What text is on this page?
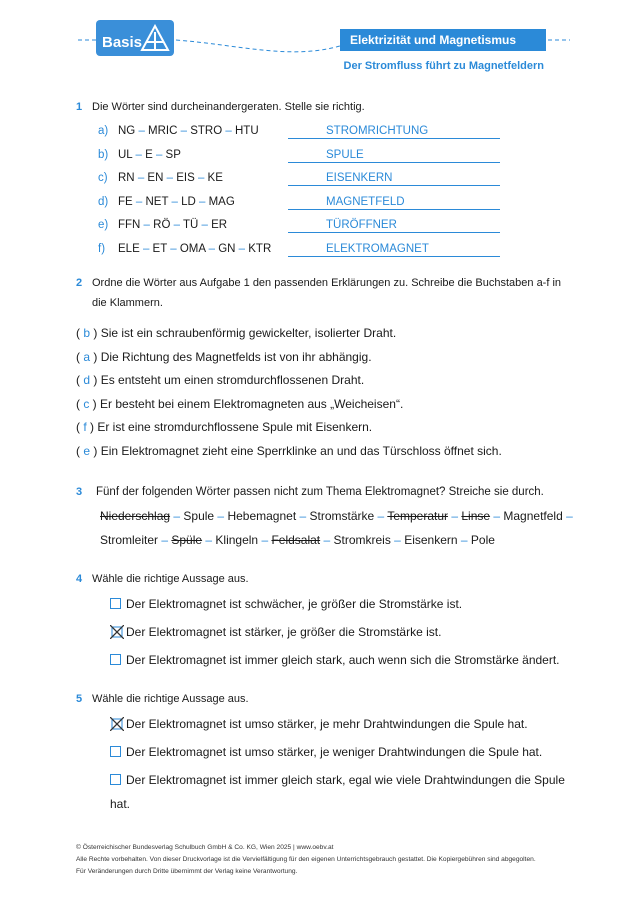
Basis	Elektrizität und Magnetismus
Der Stromfluss führt zu Magnetfeldern
1 Die Wörter sind durcheinandergeraten. Stelle sie richtig.
a) NG – MRIC – STRO – HTU	STROMRICHTUNG
b) UL – E – SP	SPULE
c) RN – EN – EIS – KE	EISENKERN
d) FE – NET – LD – MAG	MAGNETFELD
e) FFN – RÖ – TÜ – ER	TÜRÖFFNER
f)	ELE – ET – OMA – GN – KTR	ELEKTROMAGNET
2 Ordne die Wörter aus Aufgabe 1 den passenden Erklärungen zu. Schreibe die Buchstaben a-f in
die Klammern.
( b ) Sie ist ein schraubenförmig gewickelter, isolierter Draht.
( a ) Die Richtung des Magnetfelds ist von ihr abhängig.
( d ) Es entsteht um einen stromdurchflossenen Draht.
( c ) Er besteht bei einem Elektromagneten aus „Weicheisen“.
( f ) Er ist eine stromdurchflossene Spule mit Eisenkern.
( e ) Ein Elektromagnet zieht eine Sperrklinke an und das Türschloss öffnet sich.
3 Fünf der folgenden Wörter passen nicht zum Thema Elektromagnet? Streiche sie durch.
Niederschlag – Spule – Hebemagnet – Stromstärke – Temperatur – Linse – Magnetfeld –
Stromleiter – Spüle – Klingeln – Feldsalat – Stromkreis – Eisenkern – Pole
4 Wähle die richtige Aussage aus.
Der Elektromagnet ist schwächer, je größer die Stromstärke ist.
Der Elektromagnet ist stärker, je größer die Stromstärke ist.
Der Elektromagnet ist immer gleich stark, auch wenn sich die Stromstärke ändert.
5 Wähle die richtige Aussage aus.
Der Elektromagnet ist umso stärker, je mehr Drahtwindungen die Spule hat.
Der Elektromagnet ist umso stärker, je weniger Drahtwindungen die Spule hat.
Der Elektromagnet ist immer gleich stark, egal wie viele Drahtwindungen die Spule
hat.
© Österreichischer Bundesverlag Schulbuch GmbH & Co. KG, Wien 2025 | www.oebv.at
Alle Rechte vorbehalten. Von dieser Druckvorlage ist die Vervielfältigung für den eigenen Unterrichtsgebrauch gestattet. Die Kopiergebühren sind abgegolten.
Für Veränderungen durch Dritte übernimmt der Verlag keine Verantwortung.
